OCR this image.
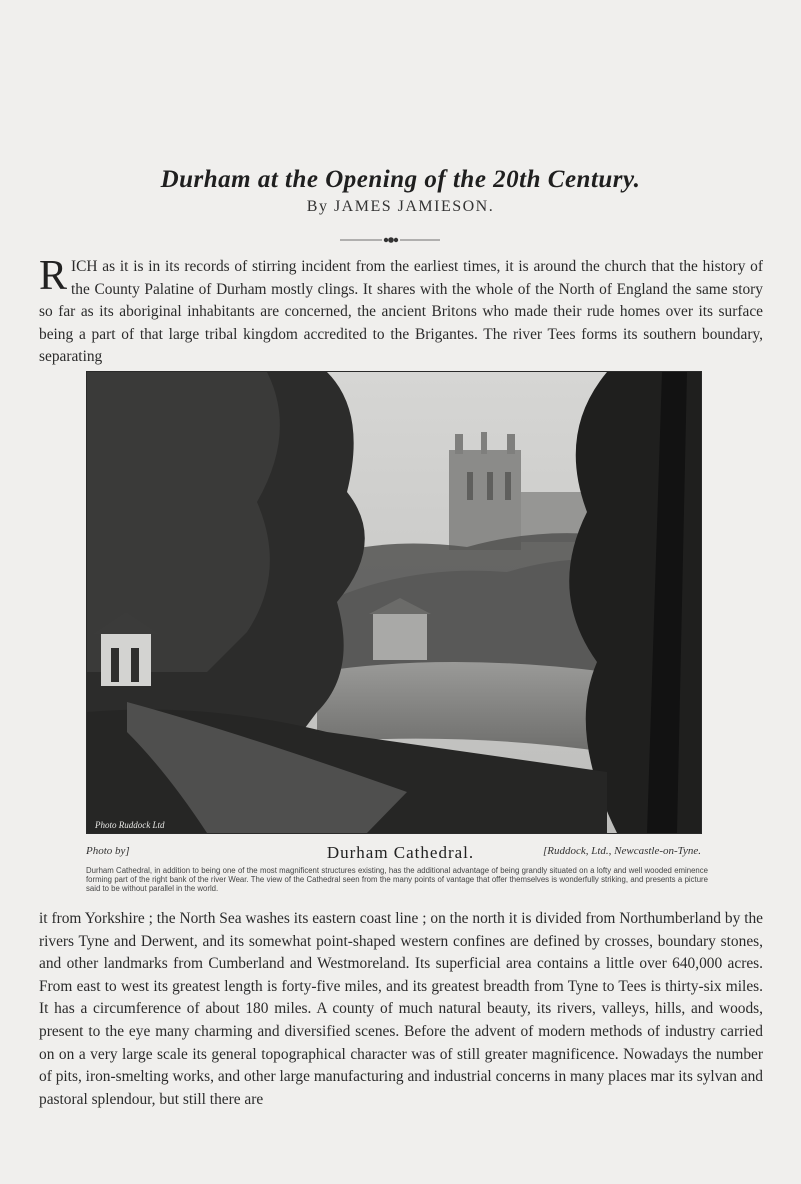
Durham at the Opening of the 20th Century.
By JAMES JAMIESON.

RICH as it is in its records of stirring incident from the earliest times, it is around the church that the history of the County Palatine of Durham mostly clings. It shares with the whole of the North of England the same story so far as its aboriginal inhabitants are concerned, the ancient Britons who made their rude homes over its surface being a part of that large tribal kingdom accredited to the Brigantes. The river Tees forms its southern boundary, separating

Photo Ruddock Ltd
Photo by]	Durham Cathedral.	[Ruddock, Ltd., Newcastle-on-Tyne.

Durham Cathedral, in addition to being one of the most magnificent structures existing, has the additional advantage of being grandly situated on a lofty and well wooded eminence forming part of the right bank of the river Wear. The view of the Cathedral seen from the many points of vantage that offer themselves is wonderfully striking, and presents a picture said to be without parallel in the world.

it from Yorkshire ; the North Sea washes its eastern coast line ; on the north it is divided from Northumberland by the rivers Tyne and Derwent, and its somewhat point-shaped western confines are defined by crosses, boundary stones, and other landmarks from Cumberland and Westmoreland. Its superficial area contains a little over 640,000 acres. From east to west its greatest length is forty-five miles, and its greatest breadth from Tyne to Tees is thirty-six miles. It has a circumference of about 180 miles. A county of much natural beauty, its rivers, valleys, hills, and woods, present to the eye many charming and diversified scenes. Before the advent of modern methods of industry carried on on a very large scale its general topographical character was of still greater magnificence. Nowadays the number of pits, iron-smelting works, and other large manufacturing and industrial concerns in many places mar its sylvan and pastoral splendour, but still there are
